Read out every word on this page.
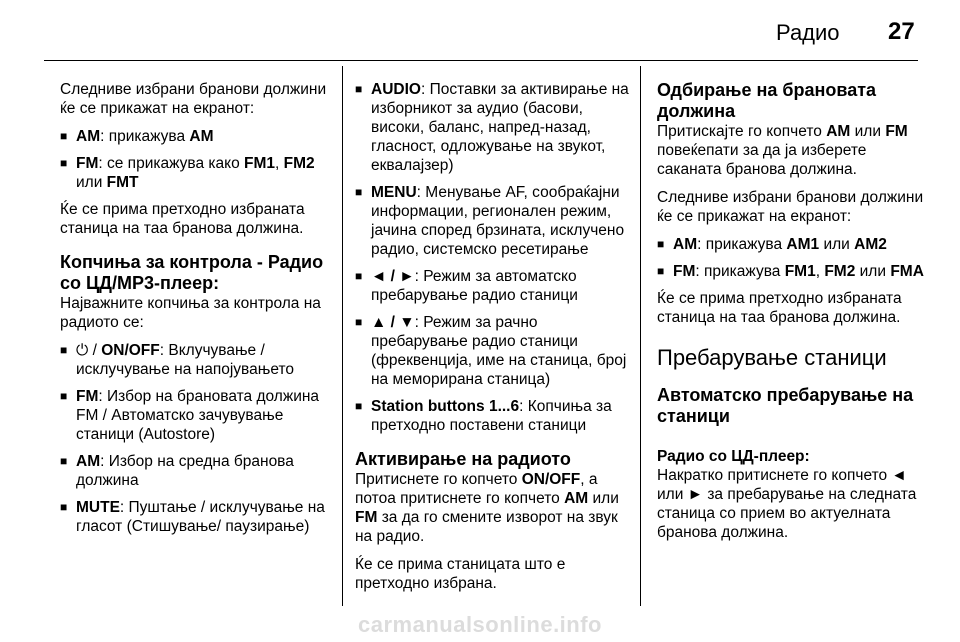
Радио 27

Следниве избрани бранови должини ќе се прикажат на екранот:

■ AM: прикажува AM
■ FM: се прикажува како FM1, FM2 или FMT

Ќе се прима претходно избраната станица на таа бранова должина.

Копчиња за контрола - Радио со ЦД/MP3-плеер:

Најважните копчиња за контрола на радиото се:

■ ⏻ / ON/OFF: Вклучување / исклучување на напојувањето
■ FM: Избор на брановата должина FM / Автоматско зачувување станици (Autostore)
■ AM: Избор на средна бранова должина
■ MUTE: Пуштање / исклучување на гласот (Стишување/ паузирање)
■ AUDIO: Поставки за активирање на изборникот за аудио (басови, високи, баланс, напред-назад, гласност, одложување на звукот, еквалајзер)
■ MENU: Менување AF, сообраќајни информации, регионален режим, јачина според брзината, исклучено радио, системско ресетирање
■ ◄ / ►: Режим за автоматско пребарување радио станици
■ ▲ / ▼: Режим за рачно пребарување радио станици (фреквенција, име на станица, број на меморирана станица)
■ Station buttons 1...6: Копчиња за претходно поставени станици
Активирање на радиото

Притиснете го копчето ON/OFF, а потоа притиснете го копчето AM или FM за да го смените изворот на звук на радио.

Ќе се прима станицата што е претходно избрана.

Одбирање на брановата должина

Притискајте го копчето AM или FM повеќепати за да ја изберете саканата бранова должина.

Следниве избрани бранови должини ќе се прикажат на екранот:

■ AM: прикажува AM1 или AM2
■ FM: прикажува FM1, FM2 или FMA

Ќе се прима претходно избраната станица на таа бранова должина.

Пребарување станици
Автоматско пребарување на станици
Радио со ЦД-плеер:

Накратко притиснете го копчето ◄ или ► за пребарување на следната станица со прием во актуелната бранова должина.

carmanualsonline.info
